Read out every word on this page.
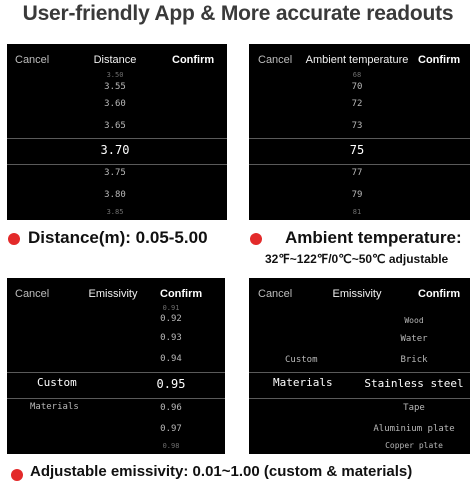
User-friendly App & More accurate readouts
Cancel	Distance	Confirm
3.50
3.55
3.60
3.65
3.70
3.75
3.80
3.85
Cancel Ambient temperature Confirm
68
70
72
73
75
77
79
81
Distance(m): 0.05-5.00	Ambient temperature:
32℉~122℉/0℃~50℃ adjustable
Cancel	Emissivity Confirm
Custom
Materials
0.91
0.92
0.93
0.94
0.95
0.96
0.97
0.98
Cancel	Emissivity	Confirm
Custom
Materials
Wood
Water
Brick
Stainless steel
Tape
Aluminium plate
Copper plate
Adjustable emissivity: 0.01~1.00 (custom & materials)
